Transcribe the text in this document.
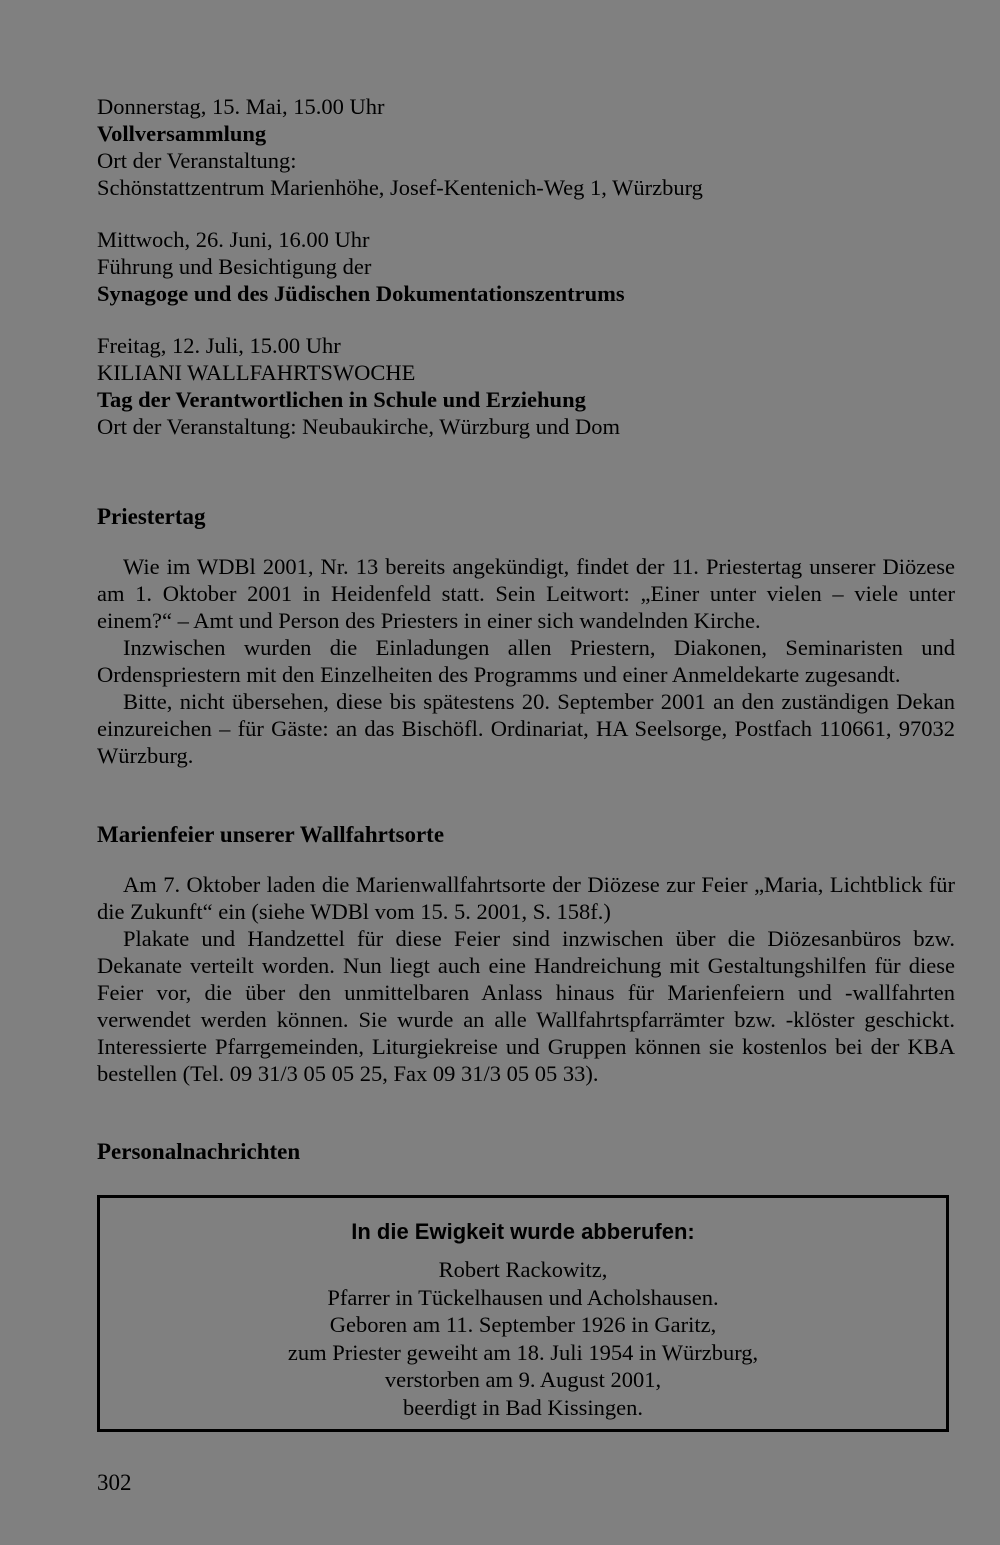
Donnerstag, 15. Mai, 15.00 Uhr
Vollversammlung
Ort der Veranstaltung:
Schönstattzentrum Marienhöhe, Josef-Kentenich-Weg 1, Würzburg
Mittwoch, 26. Juni, 16.00 Uhr
Führung und Besichtigung der
Synagoge und des Jüdischen Dokumentationszentrums
Freitag, 12. Juli, 15.00 Uhr
KILIANI WALLFAHRTSWOCHE
Tag der Verantwortlichen in Schule und Erziehung
Ort der Veranstaltung: Neubaukirche, Würzburg und Dom
Priestertag

Wie im WDBl 2001, Nr. 13 bereits angekündigt, findet der 11. Priestertag unserer Diözese am 1. Oktober 2001 in Heidenfeld statt. Sein Leitwort: „Einer unter vielen – viele unter einem?“ – Amt und Person des Priesters in einer sich wandelnden Kirche.

Inzwischen wurden die Einladungen allen Priestern, Diakonen, Seminaristen und Ordenspriestern mit den Einzelheiten des Programms und einer Anmeldekarte zugesandt.

Bitte, nicht übersehen, diese bis spätestens 20. September 2001 an den zuständigen Dekan einzureichen – für Gäste: an das Bischöfl. Ordinariat, HA Seelsorge, Postfach 110661, 97032 Würzburg.

Marienfeier unserer Wallfahrtsorte

Am 7. Oktober laden die Marienwallfahrtsorte der Diözese zur Feier „Maria, Lichtblick für die Zukunft“ ein (siehe WDBl vom 15. 5. 2001, S. 158f.)

Plakate und Handzettel für diese Feier sind inzwischen über die Diözesanbüros bzw. Dekanate verteilt worden. Nun liegt auch eine Handreichung mit Gestaltungshilfen für diese Feier vor, die über den unmittelbaren Anlass hinaus für Marienfeiern und -wallfahrten verwendet werden können. Sie wurde an alle Wallfahrtspfarrämter bzw. -klöster geschickt. Interessierte Pfarrgemeinden, Liturgiekreise und Gruppen können sie kostenlos bei der KBA bestellen (Tel. 09 31/3 05 05 25, Fax 09 31/3 05 05 33).

Personalnachrichten
In die Ewigkeit wurde abberufen:
Robert Rackowitz,
Pfarrer in Tückelhausen und Acholshausen.
Geboren am 11. September 1926 in Garitz,
zum Priester geweiht am 18. Juli 1954 in Würzburg,
verstorben am 9. August 2001,
beerdigt in Bad Kissingen.
302
